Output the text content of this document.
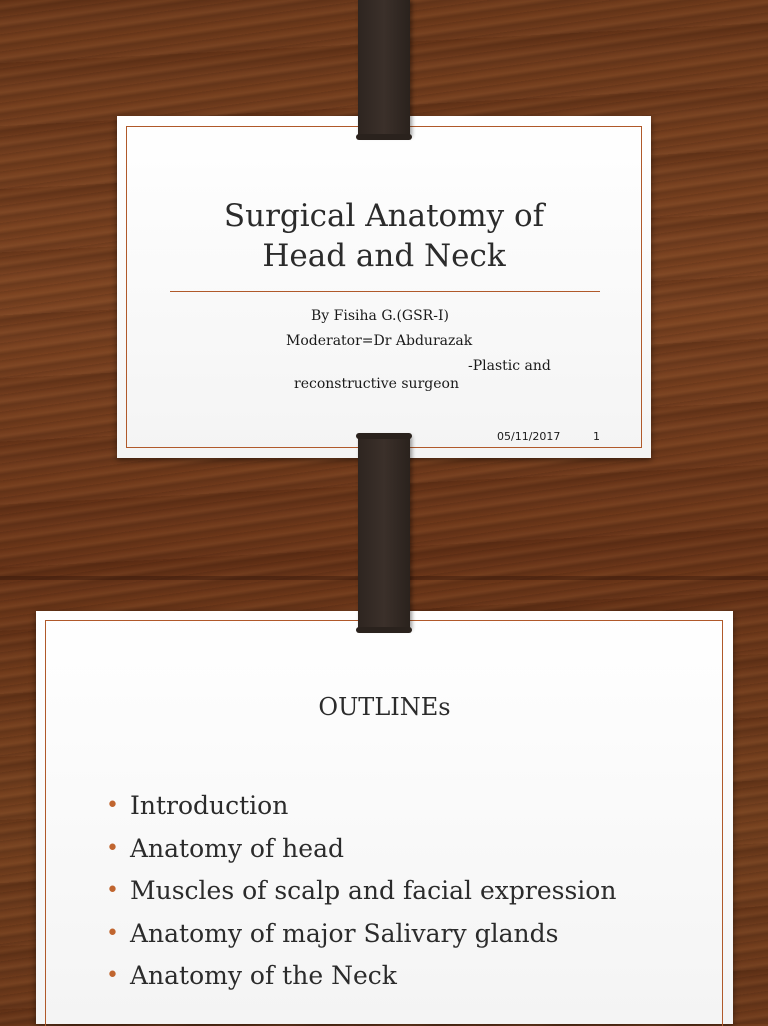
Surgical Anatomy of
Head and Neck
By Fisiha G.(GSR-I)
Moderator=Dr Abdurazak
-Plastic and
reconstructive surgeon
05/11/2017	1
OUTLINEs
• Introduction
• Anatomy of head
• Muscles of scalp and facial expression
• Anatomy of major Salivary glands
• Anatomy of the Neck
